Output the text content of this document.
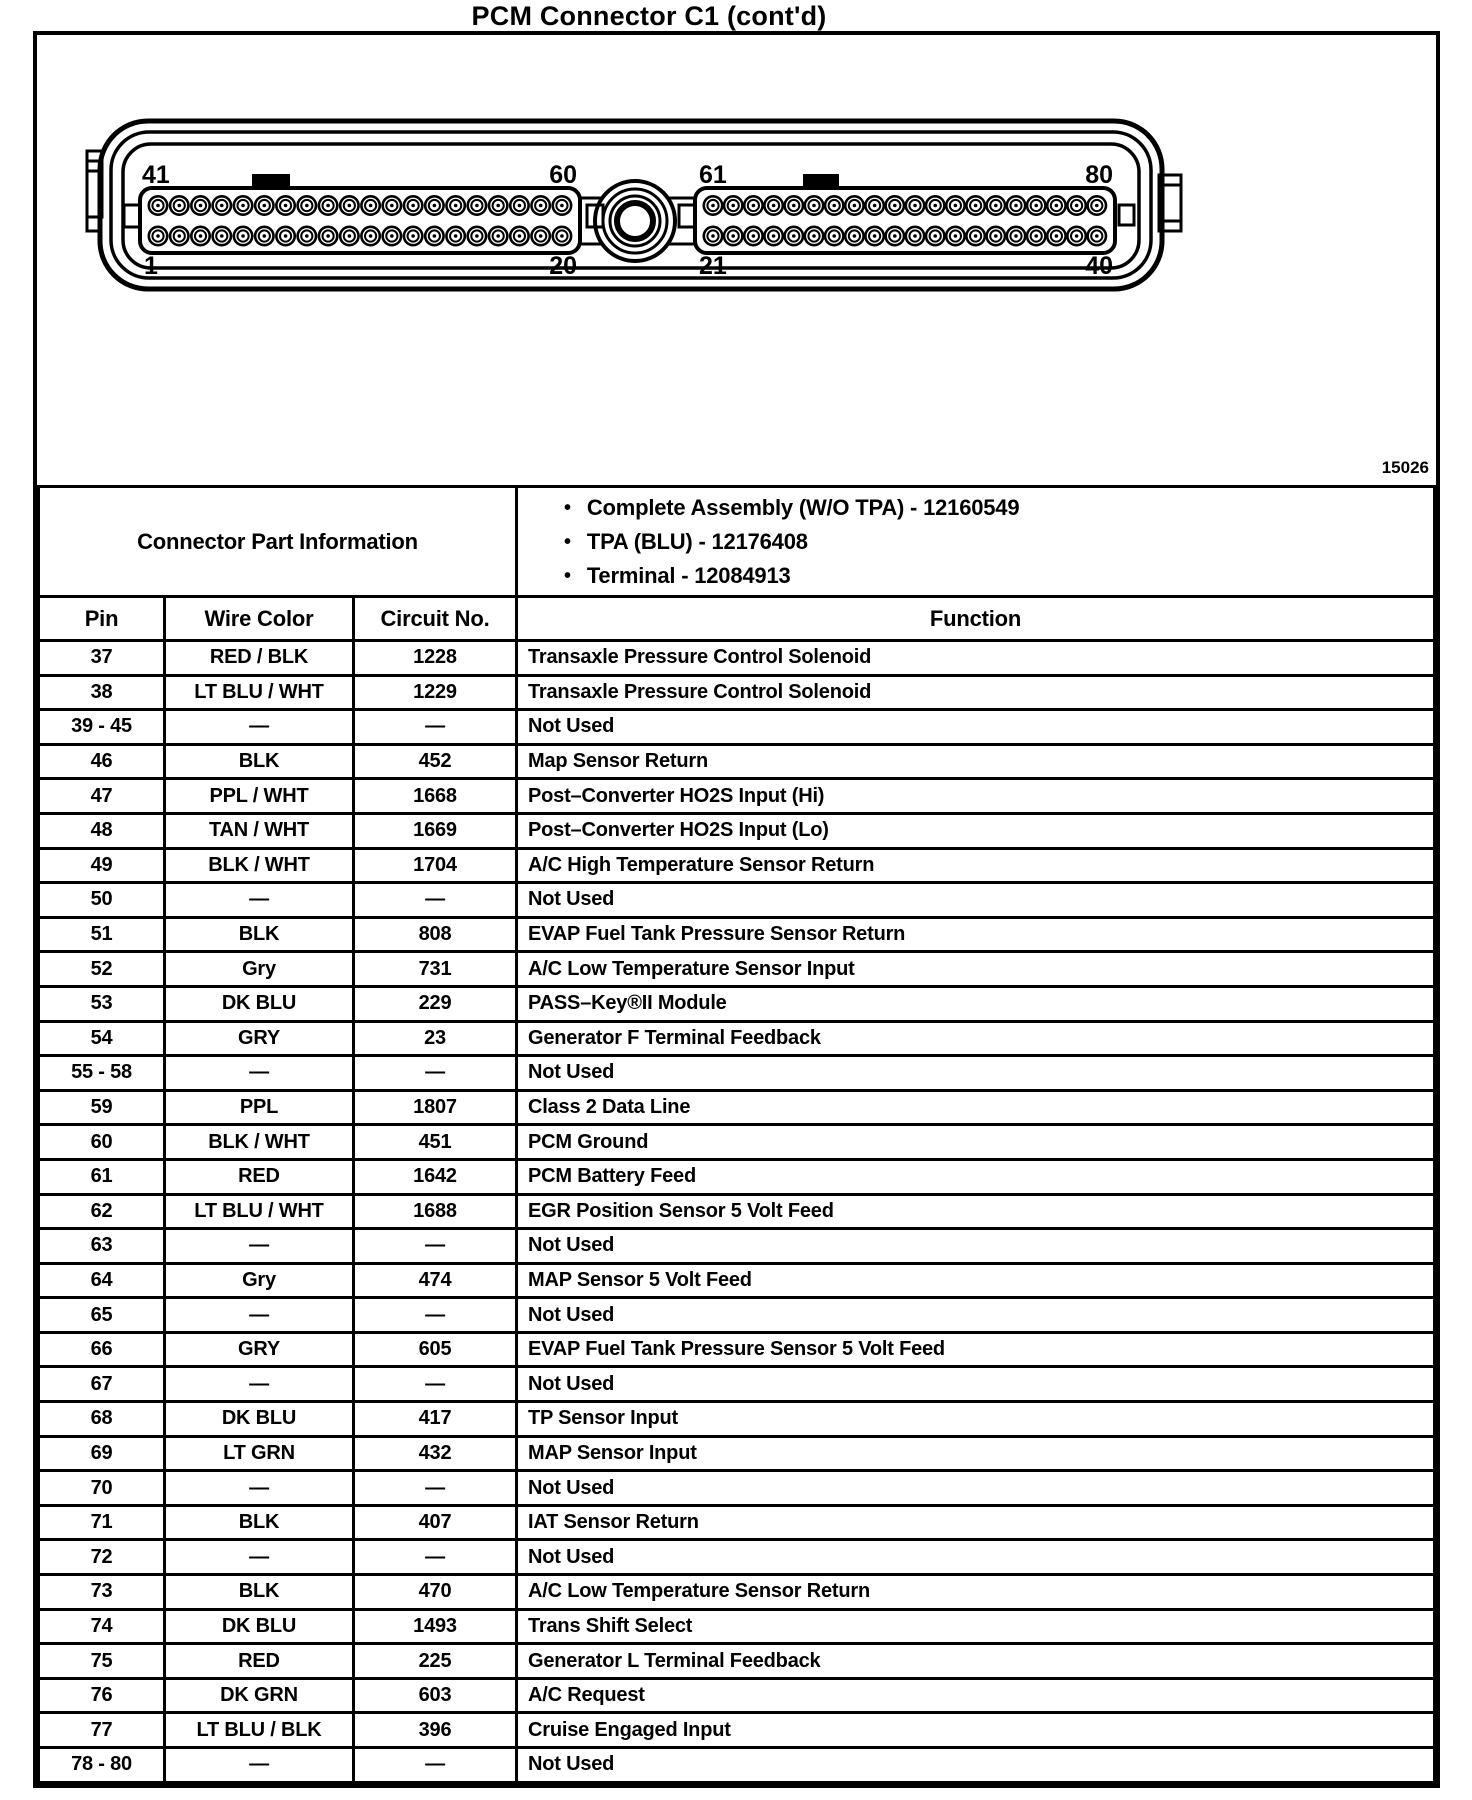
PCM Connector C1 (cont'd)
41	60
1	20
61	80
21	40
15026
Connector Part Information	
• Complete Assembly (W/O TPA) - 12160549
• TPA (BLU) - 12176408
• Terminal - 12084913

Pin	Wire Color	Circuit No.	Function
37	RED / BLK	1228	Transaxle Pressure Control Solenoid
38	LT BLU / WHT	1229	Transaxle Pressure Control Solenoid
39 - 45	—	—	Not Used
46	BLK	452	Map Sensor Return
47	PPL / WHT	1668	Post–Converter HO2S Input (Hi)
48	TAN / WHT	1669	Post–Converter HO2S Input (Lo)
49	BLK / WHT	1704	A/C High Temperature Sensor Return
50	—	—	Not Used
51	BLK	808	EVAP Fuel Tank Pressure Sensor Return
52	Gry	731	A/C Low Temperature Sensor Input
53	DK BLU	229	PASS–Key®II Module
54	GRY	23	Generator F Terminal Feedback
55 - 58	—	—	Not Used
59	PPL	1807	Class 2 Data Line
60	BLK / WHT	451	PCM Ground
61	RED	1642	PCM Battery Feed
62	LT BLU / WHT	1688	EGR Position Sensor 5 Volt Feed
63	—	—	Not Used
64	Gry	474	MAP Sensor 5 Volt Feed
65	—	—	Not Used
66	GRY	605	EVAP Fuel Tank Pressure Sensor 5 Volt Feed
67	—	—	Not Used
68	DK BLU	417	TP Sensor Input
69	LT GRN	432	MAP Sensor Input
70	—	—	Not Used
71	BLK	407	IAT Sensor Return
72	—	—	Not Used
73	BLK	470	A/C Low Temperature Sensor Return
74	DK BLU	1493	Trans Shift Select
75	RED	225	Generator L Terminal Feedback
76	DK GRN	603	A/C Request
77	LT BLU / BLK	396	Cruise Engaged Input
78 - 80	—	—	Not Used
